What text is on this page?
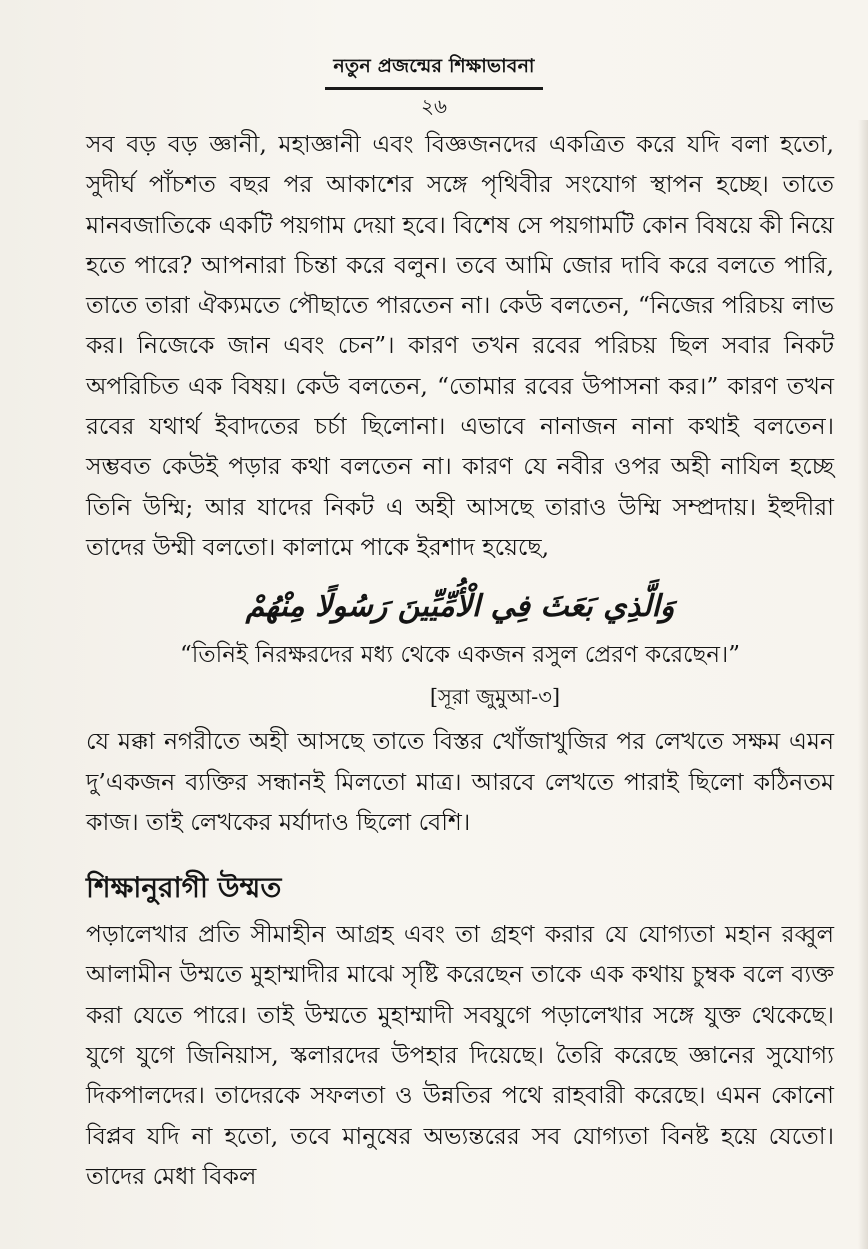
নতুন প্রজন্মের শিক্ষাভাবনা
২৬

সব বড় বড় জ্ঞানী, মহাজ্ঞানী এবং বিজ্ঞজনদের একত্রিত করে যদি বলা হতো, সুদীর্ঘ পাঁচশত বছর পর আকাশের সঙ্গে পৃথিবীর সংযোগ স্থাপন হচ্ছে। তাতে মানবজাতিকে একটি পয়গাম দেয়া হবে। বিশেষ সে পয়গামটি কোন বিষয়ে কী নিয়ে হতে পারে? আপনারা চিন্তা করে বলুন। তবে আমি জোর দাবি করে বলতে পারি, তাতে তারা ঐক্যমতে পৌছাতে পারতেন না। কেউ বলতেন, “নিজের পরিচয় লাভ কর। নিজেকে জান এবং চেন”। কারণ তখন রবের পরিচয় ছিল সবার নিকট অপরিচিত এক বিষয়। কেউ বলতেন, “তোমার রবের উপাসনা কর।” কারণ তখন রবের যথার্থ ইবাদতের চর্চা ছিলোনা। এভাবে নানাজন নানা কথাই বলতেন। সম্ভবত কেউই পড়ার কথা বলতেন না। কারণ যে নবীর ওপর অহী নাযিল হচ্ছে তিনি উম্মি; আর যাদের নিকট এ অহী আসছে তারাও উম্মি সম্প্রদায়। ইহুদীরা তাদের উম্মী বলতো। কালামে পাকে ইরশাদ হয়েছে,

وَالَّذِي بَعَثَ فِي الْأُمِّيِّينَ رَسُولًا مِنْهُمْ

“তিনিই নিরক্ষরদের মধ্য থেকে একজন রসুল প্রেরণ করেছেন।”

[সূরা জুমুআ-৩]

যে মক্কা নগরীতে অহী আসছে তাতে বিস্তর খোঁজাখুজির পর লেখতে সক্ষম এমন দু’একজন ব্যক্তির সন্ধানই মিলতো মাত্র। আরবে লেখতে পারাই ছিলো কঠিনতম কাজ। তাই লেখকের মর্যাদাও ছিলো বেশি।

শিক্ষানুরাগী উম্মত

পড়ালেখার প্রতি সীমাহীন আগ্রহ এবং তা গ্রহণ করার যে যোগ্যতা মহান রব্বুল আলামীন উম্মতে মুহাম্মাদীর মাঝে সৃষ্টি করেছেন তাকে এক কথায় চুম্বক বলে ব্যক্ত করা যেতে পারে। তাই উম্মতে মুহাম্মাদী সবযুগে পড়ালেখার সঙ্গে যুক্ত থেকেছে। যুগে যুগে জিনিয়াস, স্কলারদের উপহার দিয়েছে। তৈরি করেছে জ্ঞানের সুযোগ্য দিকপালদের। তাদেরকে সফলতা ও উন্নতির পথে রাহবারী করেছে। এমন কোনো বিপ্লব যদি না হতো, তবে মানুষের অভ্যন্তরের সব যোগ্যতা বিনষ্ট হয়ে যেতো। তাদের মেধা বিকল
